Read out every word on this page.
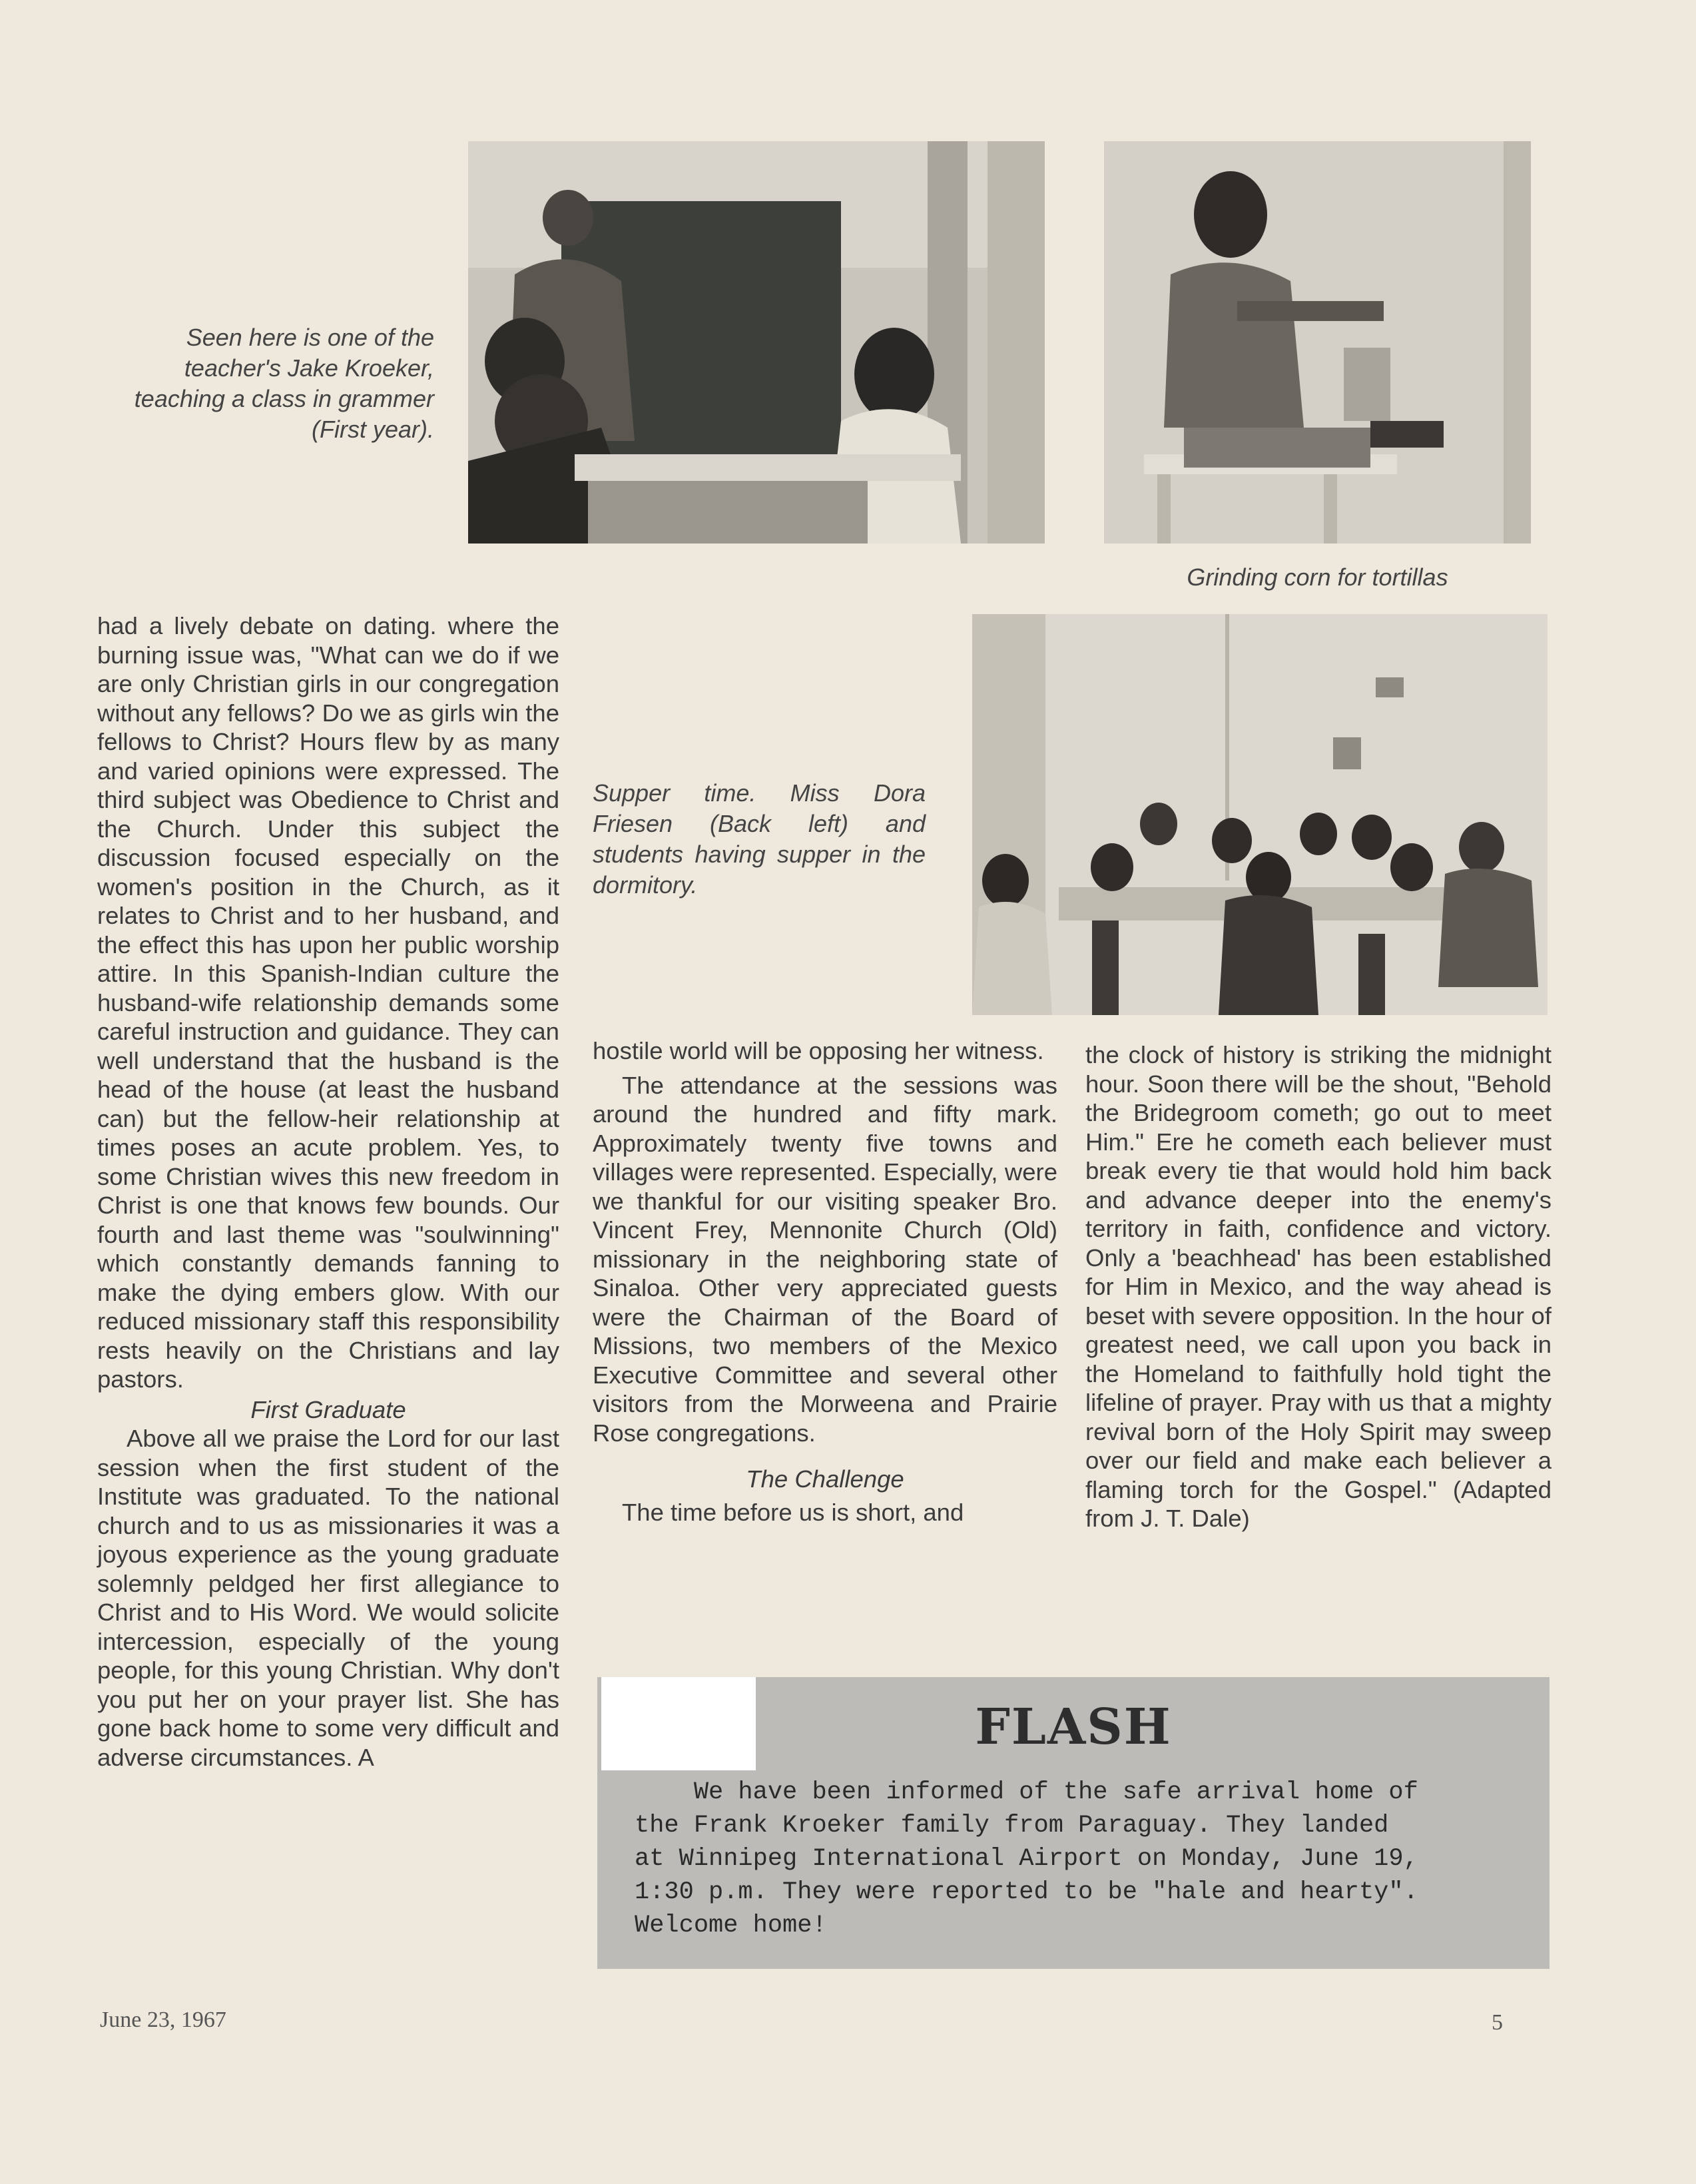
Seen here is one of the teacher's Jake Kroeker, teaching a class in grammer (First year).
Grinding corn for tortillas
Supper time. Miss Dora Friesen (Back left) and students having supper in the dormitory.

had a lively debate on dating. where the burning issue was, "What can we do if we are only Christian girls in our congregation without any fellows? Do we as girls win the fellows to Christ? Hours flew by as many and varied opinions were expressed. The third subject was Obedience to Christ and the Church. Under this subject the discussion focused especially on the women's position in the Church, as it relates to Christ and to her husband, and the effect this has upon her public worship attire. In this Spanish-Indian culture the husband-wife relationship demands some careful instruction and guidance. They can well understand that the husband is the head of the house (at least the husband can) but the fellow-heir relationship at times poses an acute problem. Yes, to some Christian wives this new freedom in Christ is one that knows few bounds. Our fourth and last theme was "soulwinning" which constantly demands fanning to make the dying embers glow. With our reduced missionary staff this responsibility rests heavily on the Christians and lay pastors.

First Graduate

Above all we praise the Lord for our last session when the first student of the Institute was graduated. To the national church and to us as missionaries it was a joyous experience as the young graduate solemnly peldged her first allegiance to Christ and to His Word. We would solicite intercession, especially of the young people, for this young Christian. Why don't you put her on your prayer list. She has gone back home to some very difficult and adverse circumstances. A

hostile world will be opposing her witness.

The attendance at the sessions was around the hundred and fifty mark. Approximately twenty five towns and villages were represented. Especially, were we thankful for our visiting speaker Bro. Vincent Frey, Mennonite Church (Old) missionary in the neighboring state of Sinaloa. Other very appreciated guests were the Chairman of the Board of Missions, two members of the Mexico Executive Committee and several other visitors from the Morweena and Prairie Rose congregations.

The Challenge

The time before us is short, and

the clock of history is striking the midnight hour. Soon there will be the shout, "Behold the Bridegroom cometh; go out to meet Him." Ere he cometh each believer must break every tie that would hold him back and advance deeper into the enemy's territory in faith, confidence and victory. Only a 'beachhead' has been established for Him in Mexico, and the way ahead is beset with severe opposition. In the hour of greatest need, we call upon you back in the Homeland to faithfully hold tight the lifeline of prayer. Pray with us that a mighty revival born of the Holy Spirit may sweep over our field and make each believer a flaming torch for the Gospel." (Adapted from J. T. Dale)

FLASH
We have been informed of the safe arrival home of
the Frank Kroeker family from Paraguay. They landed
at Winnipeg International Airport on Monday, June 19,
1:30 p.m. They were reported to be "hale and hearty".
Welcome home!
June 23, 1967	5
